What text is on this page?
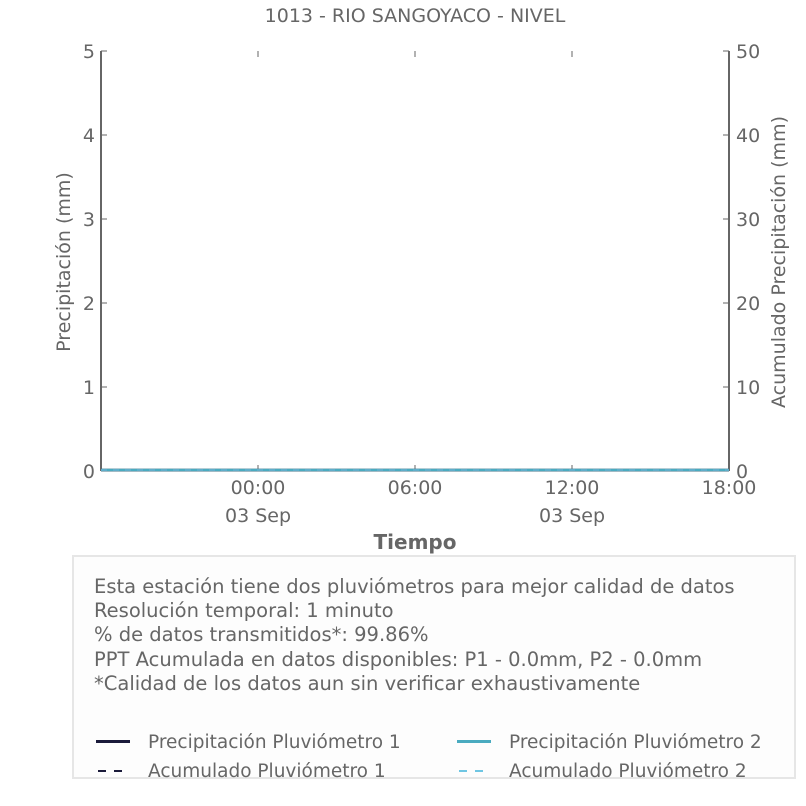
1013 - RIO SANGOYACO - NIVEL
0
1
2
3
4
5
0
10
20
30
40
50
00:00
03 Sep
06:00	12:00
03 Sep
18:00
Tiempo
Precipitación (mm)	Acumulado Precipitación (mm)
Esta estación tiene dos pluviómetros para mejor calidad de datos
Resolución temporal: 1 minuto
% de datos transmitidos*: 99.86%
PPT Acumulada en datos disponibles: P1 - 0.0mm, P2 - 0.0mm
*Calidad de los datos aun sin verificar exhaustivamente
Precipitación Pluviómetro 1	Precipitación Pluviómetro 2
Acumulado Pluviómetro 1	Acumulado Pluviómetro 2
